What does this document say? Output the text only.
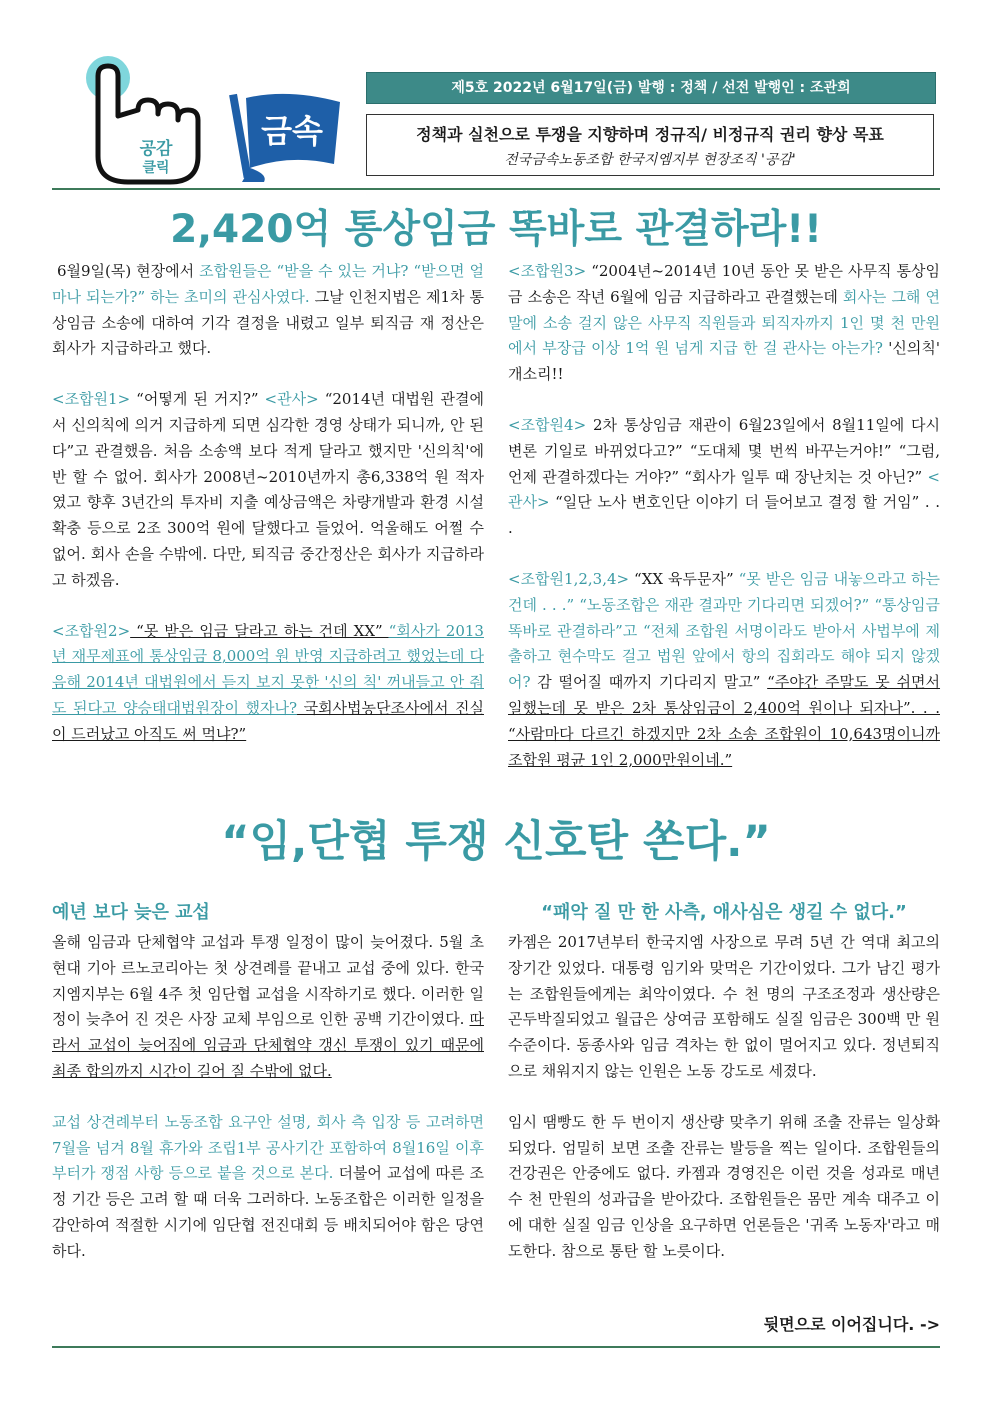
공감
클릭
금속
제5호 2022년 6월17일(금) 발행 : 정책 / 선전 발행인 : 조관희
정책과 실천으로 투쟁을 지향하며 정규직/ 비정규직 권리 향상 목표
전국금속노동조합 한국지엠지부 현장조직 '공감'
2,420억 통상임금 똑바로 관결하라!!

6월9일(목) 현장에서 조합원들은 “받을 수 있는 거냐? “받으면 얼마나 되는가?” 하는 초미의 관심사였다. 그날 인천지법은 제1차 통상임금 소송에 대하여 기각 결정을 내렸고 일부 퇴직금 재 정산은 회사가 지급하라고 했다.

<조합원1> “어떻게 된 거지?” <관사> “2014년 대법원 관결에서 신의칙에 의거 지급하게 되면 심각한 경영 상태가 되니까, 안 된다”고 관결했음. 처음 소송액 보다 적게 달라고 했지만 '신의칙'에 반 할 수 없어. 회사가 2008년~2010년까지 총6,338억 원 적자였고 향후 3년간의 투자비 지출 예상금액은 차량개발과 환경 시설 확충 등으로 2조 300억 원에 달했다고 들었어. 억울해도 어쩔 수 없어. 회사 손을 수밖에. 다만, 퇴직금 중간정산은 회사가 지급하라고 하겠음.

<조합원2> “못 받은 임금 달라고 하는 건데 XX” “회사가 2013년 재무제표에 통상임금 8,000억 원 반영 지급하려고 했었는데 다음해 2014년 대법원에서 듣지 보지 못한 '신의 칙' 꺼내들고 안 줘도 된다고 양승태대법원장이 했자나? 국회사법농단조사에서 진실이 드러났고 아직도 써 먹냐?”

<조합원3> “2004년~2014년 10년 동안 못 받은 사무직 통상임금 소송은 작년 6월에 임금 지급하라고 관결했는데 회사는 그해 연말에 소송 걸지 않은 사무직 직원들과 퇴직자까지 1인 몇 천 만원에서 부장급 이상 1억 원 넘게 지급 한 걸 관사는 아는가? '신의칙' 개소리!!

<조합원4> 2차 통상임금 재관이 6월23일에서 8월11일에 다시 변론 기일로 바뀌었다고?” “도대체 몇 번씩 바꾸는거야!” “그럼, 언제 관결하겠다는 거야?” “회사가 일투 때 장난치는 것 아닌?” <관사> “일단 노사 변호인단 이야기 더 들어보고 결정 할 거임” . . .

<조합원1,2,3,4> “XX 육두문자” “못 받은 임금 내놓으라고 하는 건데 . . .” “노동조합은 재관 결과만 기다리면 되겠어?” “통상임금 똑바로 관결하라”고 “전체 조합원 서명이라도 받아서 사법부에 제출하고 현수막도 걸고 법원 앞에서 항의 집회라도 해야 되지 않겠어? 감 떨어질 때까지 기다리지 말고” “주야간 주말도 못 쉬면서 일했는데 못 받은 2차 통상임금이 2,400억 원이나 되자나”. . . “사람마다 다르긴 하겠지만 2차 소송 조합원이 10,643명이니까 조합원 평균 1인 2,000만원이네.”

“임,단협 투쟁 신호탄 쏜다.”
예년 보다 늦은 교섭	“패악 질 만 한 사측, 애사심은 생길 수 없다.”

올해 임금과 단체협약 교섭과 투쟁 일정이 많이 늦어졌다. 5월 초 현대 기아 르노코리아는 첫 상견례를 끝내고 교섭 중에 있다. 한국지엠지부는 6월 4주 첫 임단협 교섭을 시작하기로 했다. 이러한 일정이 늦추어 진 것은 사장 교체 부임으로 인한 공백 기간이였다. 따라서 교섭이 늦어짐에 임금과 단체협약 갱신 투쟁이 있기 때문에 최종 합의까지 시간이 길어 질 수밖에 없다.

교섭 상견례부터 노동조합 요구안 설명, 회사 측 입장 등 고려하면 7월을 넘겨 8월 휴가와 조립1부 공사기간 포함하여 8월16일 이후부터가 쟁점 사항 등으로 붙을 것으로 본다. 더불어 교섭에 따른 조정 기간 등은 고려 할 때 더욱 그러하다. 노동조합은 이러한 일정을 감안하여 적절한 시기에 임단협 전진대회 등 배치되어야 함은 당연하다.

카젬은 2017년부터 한국지엠 사장으로 무려 5년 간 역대 최고의 장기간 있었다. 대통령 임기와 맞먹은 기간이었다. 그가 남긴 평가는 조합원들에게는 최악이였다. 수 천 명의 구조조정과 생산량은 곤두박질되었고 월급은 상여금 포함해도 실질 임금은 300백 만 원 수준이다. 동종사와 임금 격차는 한 없이 멀어지고 있다. 정년퇴직으로 채워지지 않는 인원은 노동 강도로 세졌다.

임시 땜빵도 한 두 번이지 생산량 맞추기 위해 조출 잔류는 일상화 되었다. 엄밀히 보면 조출 잔류는 발등을 찍는 일이다. 조합원들의 건강권은 안중에도 없다. 카젬과 경영진은 이런 것을 성과로 매년 수 천 만원의 성과급을 받아갔다. 조합원들은 몸만 계속 대주고 이에 대한 실질 임금 인상을 요구하면 언론들은 '귀족 노동자'라고 매도한다. 참으로 통탄 할 노릇이다.

뒷면으로 이어집니다. ->
